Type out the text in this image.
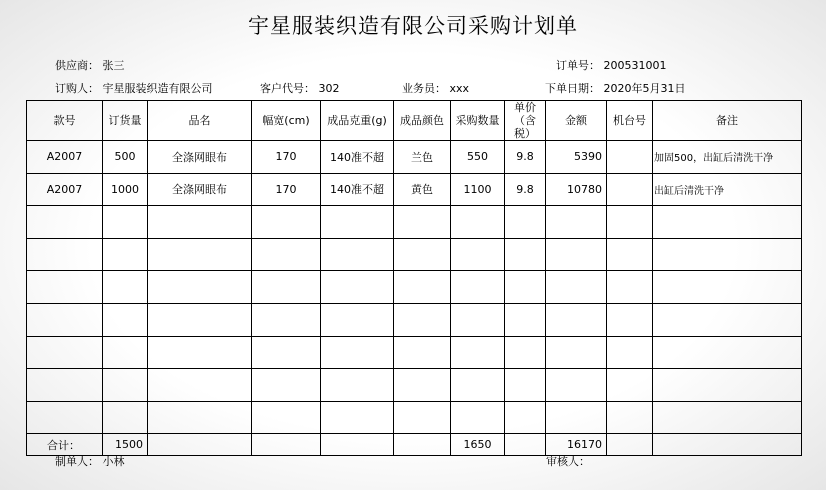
宇星服装织造有限公司采购计划单
供应商： 张三	订单号： 200531001
订购人： 宇星服装织造有限公司	客户代号： 302	业务员： xxx	下单日期： 2020年5月31日
款号	订货量	品名	幅宽(cm)	成品克重(g)	成品颜色	采购数量	单价（含税）	金额	机台号	备注
A2007	500	全涤网眼布	170	140准不超	兰色	550	9.8	5390		加固500，出缸后清洗干净
A2007	1000	全涤网眼布	170	140准不超	黄色	1100	9.8	10780		出缸后清洗干净

合计：	1500					1650		16170		
制单人： 小林	审核人：
